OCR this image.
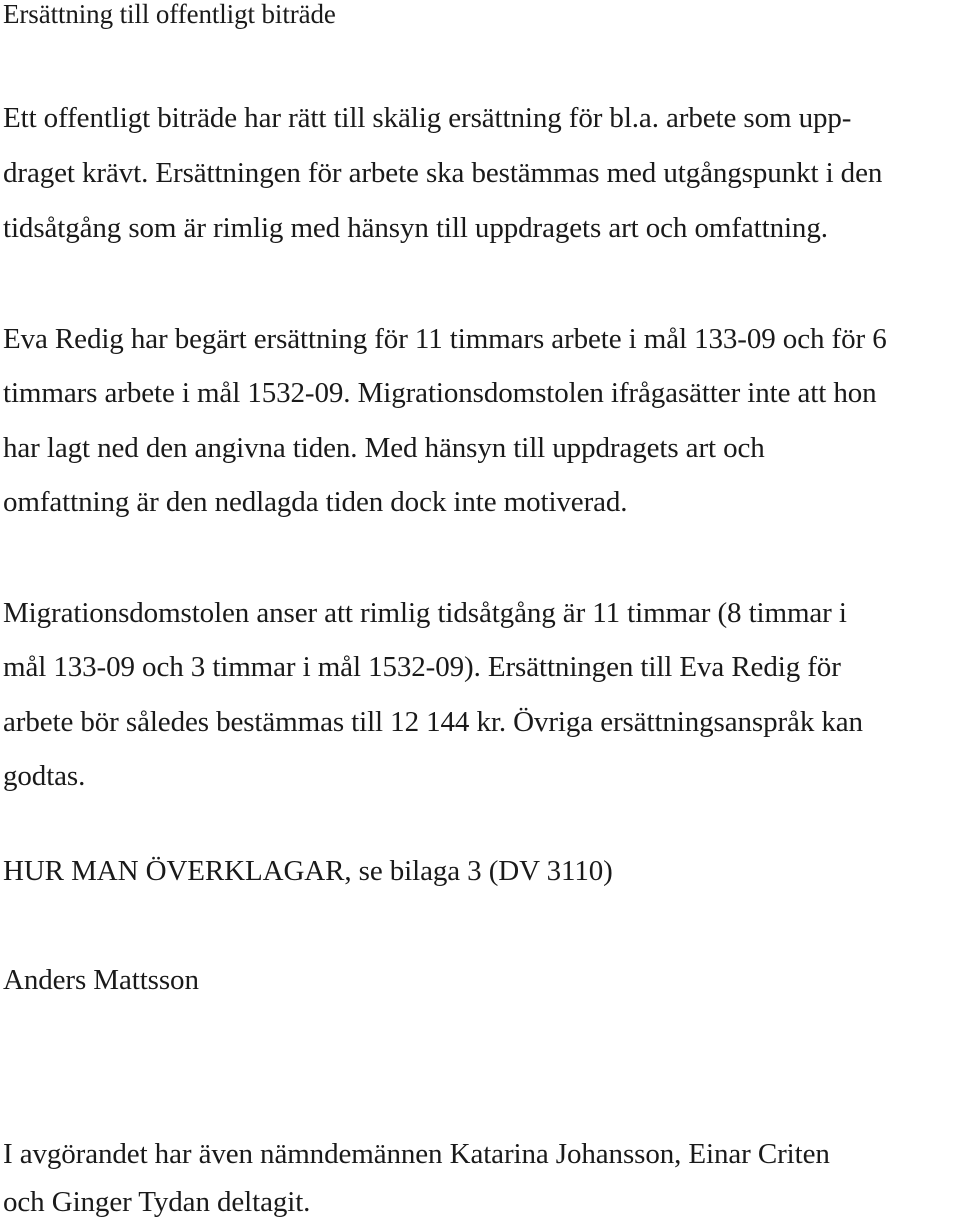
Ersättning till offentligt biträde
Ett offentligt biträde har rätt till skälig ersättning för bl.a. arbete som upp-
draget krävt. Ersättningen för arbete ska bestämmas med utgångspunkt i den
tidsåtgång som är rimlig med hänsyn till uppdragets art och omfattning.
Eva Redig har begärt ersättning för 11 timmars arbete i mål 133-09 och för 6
timmars arbete i mål 1532-09. Migrationsdomstolen ifrågasätter inte att hon
har lagt ned den angivna tiden. Med hänsyn till uppdragets art och
omfattning är den nedlagda tiden dock inte motiverad.
Migrationsdomstolen anser att rimlig tidsåtgång är 11 timmar (8 timmar i
mål 133-09 och 3 timmar i mål 1532-09). Ersättningen till Eva Redig för
arbete bör således bestämmas till 12 144 kr. Övriga ersättningsanspråk kan
godtas.
HUR MAN ÖVERKLAGAR, se bilaga 3 (DV 3110)
Anders Mattsson
I avgörandet har även nämndemännen Katarina Johansson, Einar Criten
och Ginger Tydan deltagit.
